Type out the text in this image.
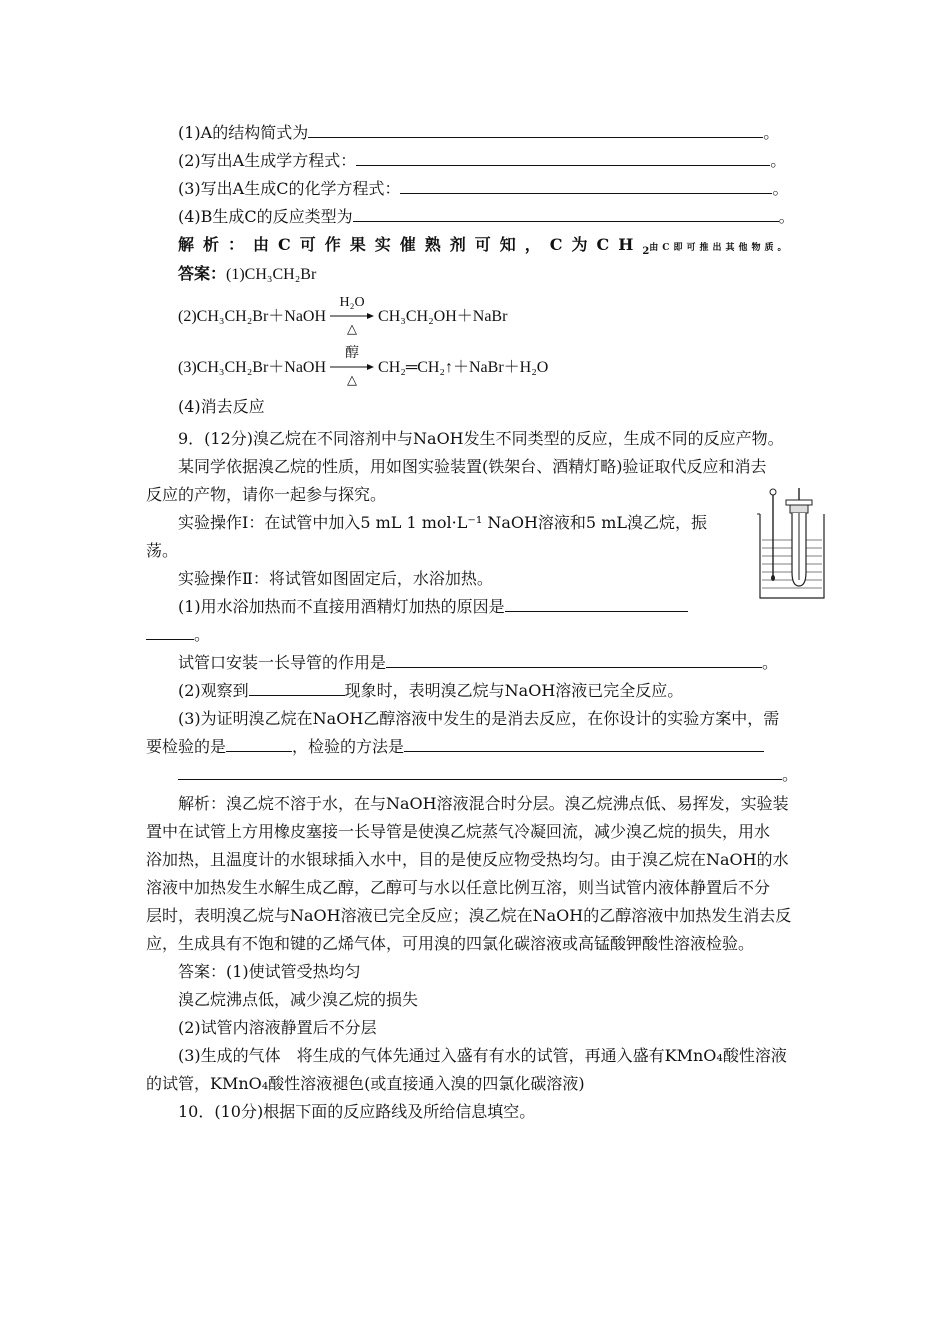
(1)A的结构简式为	。
(2)写出A生成学方程式：	。
(3)写出A生成C的化学方程式：	。
(4)B生成C的反应类型为	。
解析：由C可作果实催熟剂可知，C为$CH_2$由C即可推出其他物质。
答案：(1)CH₃CH₂Br
(2)CH₃CH₂Br＋NaOH
H₂O
△
CH₃CH₂OH＋NaBr
(3)CH₃CH₂Br＋NaOH
醇
△
CH₂═CH₂↑＋NaBr＋H₂O
(4)消去反应
9．(12分)溴乙烷在不同溶剂中与NaOH发生不同类型的反应，生成不同的反应产物。
某同学依据溴乙烷的性质，用如图实验装置(铁架台、酒精灯略)验证取代反应和消去
反应的产物，请你一起参与探究。
实验操作Ⅰ：在试管中加入5 mL 1 mol·L⁻¹ NaOH溶液和5 mL溴乙烷，振
荡。
实验操作Ⅱ：将试管如图固定后，水浴加热。
(1)用水浴加热而不直接用酒精灯加热的原因是
。
试管口安装一长导管的作用是	。
(2)观察到	现象时，表明溴乙烷与NaOH溶液已完全反应。
(3)为证明溴乙烷在NaOH乙醇溶液中发生的是消去反应，在你设计的实验方案中，需
要检验的是	，检验的方法是
。
解析：溴乙烷不溶于水，在与NaOH溶液混合时分层。溴乙烷沸点低、易挥发，实验装
置中在试管上方用橡皮塞接一长导管是使溴乙烷蒸气冷凝回流，减少溴乙烷的损失，用水
浴加热，且温度计的水银球插入水中，目的是使反应物受热均匀。由于溴乙烷在NaOH的水
溶液中加热发生水解生成乙醇，乙醇可与水以任意比例互溶，则当试管内液体静置后不分
层时，表明溴乙烷与NaOH溶液已完全反应；溴乙烷在NaOH的乙醇溶液中加热发生消去反
应，生成具有不饱和键的乙烯气体，可用溴的四氯化碳溶液或高锰酸钾酸性溶液检验。
答案：(1)使试管受热均匀
溴乙烷沸点低，减少溴乙烷的损失
(2)试管内溶液静置后不分层
(3)生成的气体　将生成的气体先通过入盛有有水的试管，再通入盛有KMnO₄酸性溶液
的试管，KMnO₄酸性溶液褪色(或直接通入溴的四氯化碳溶液)
10．(10分)根据下面的反应路线及所给信息填空。
